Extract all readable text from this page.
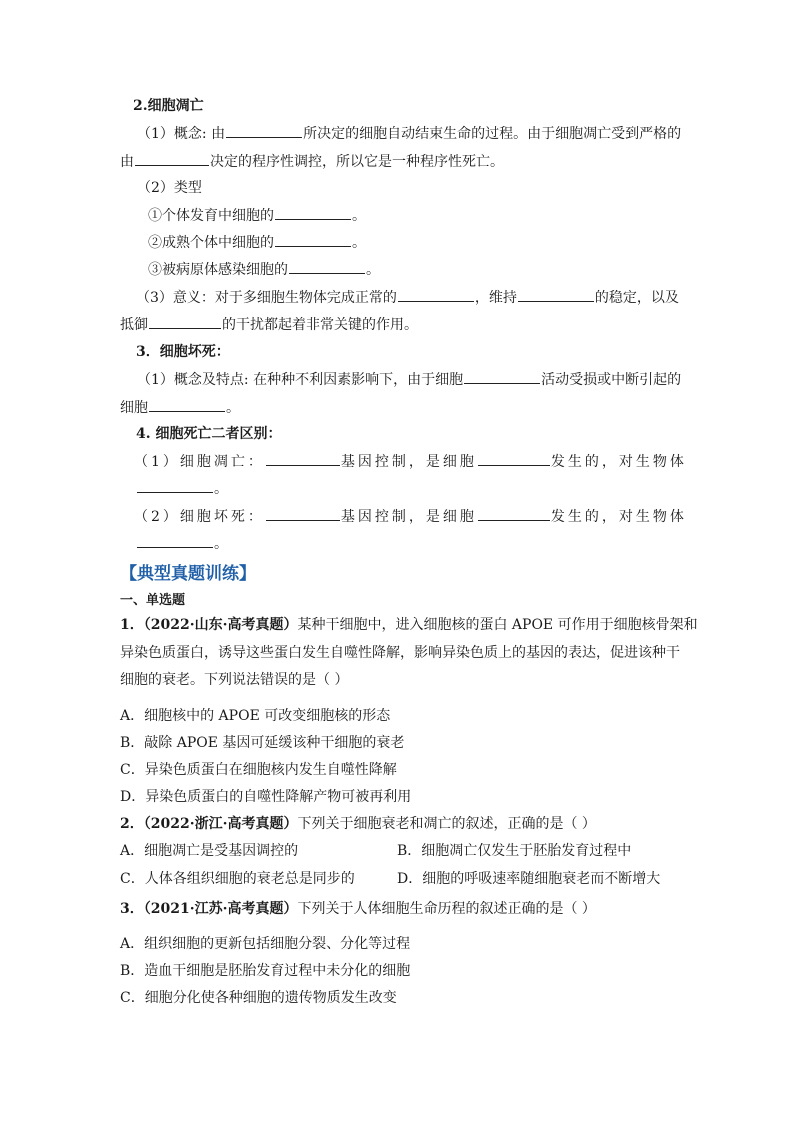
2.细胞凋亡
（1）概念: 由	所决定的细胞自动结束生命的过程。由于细胞凋亡受到严格的
由	决定的程序性调控，所以它是一种程序性死亡。
（2）类型
①个体发育中细胞的	。
②成熟个体中细胞的	。
③被病原体感染细胞的	。
（3）意义：对于多细胞生物体完成正常的	，维持	的稳定，以及
抵御	的干扰都起着非常关键的作用。
3．细胞坏死：
（1）概念及特点: 在种种不利因素影响下，由于细胞	活动受损或中断引起的
细胞	。
4. 细胞死亡二者区别：
（1）细胞凋亡：	基因控制，是细胞	发生的，对生物体
。
（2）细胞坏死：	基因控制，是细胞	发生的，对生物体
。
【典型真题训练】
一、单选题
1．（2022·山东·高考真题）某种干细胞中，进入细胞核的蛋白 APOE 可作用于细胞核骨架和
异染色质蛋白，诱导这些蛋白发生自噬性降解，影响异染色质上的基因的表达，促进该种干
细胞的衰老。下列说法错误的是（ ）
A．细胞核中的 APOE 可改变细胞核的形态
B．敲除 APOE 基因可延缓该种干细胞的衰老
C．异染色质蛋白在细胞核内发生自噬性降解
D．异染色质蛋白的自噬性降解产物可被再利用
2．（2022·浙江·高考真题）下列关于细胞衰老和凋亡的叙述，正确的是（ ）
A．细胞凋亡是受基因调控的	B．细胞凋亡仅发生于胚胎发育过程中
C．人体各组织细胞的衰老总是同步的	D．细胞的呼吸速率随细胞衰老而不断增大
3．（2021·江苏·高考真题）下列关于人体细胞生命历程的叙述正确的是（ ）
A．组织细胞的更新包括细胞分裂、分化等过程
B．造血干细胞是胚胎发育过程中未分化的细胞
C．细胞分化使各种细胞的遗传物质发生改变
